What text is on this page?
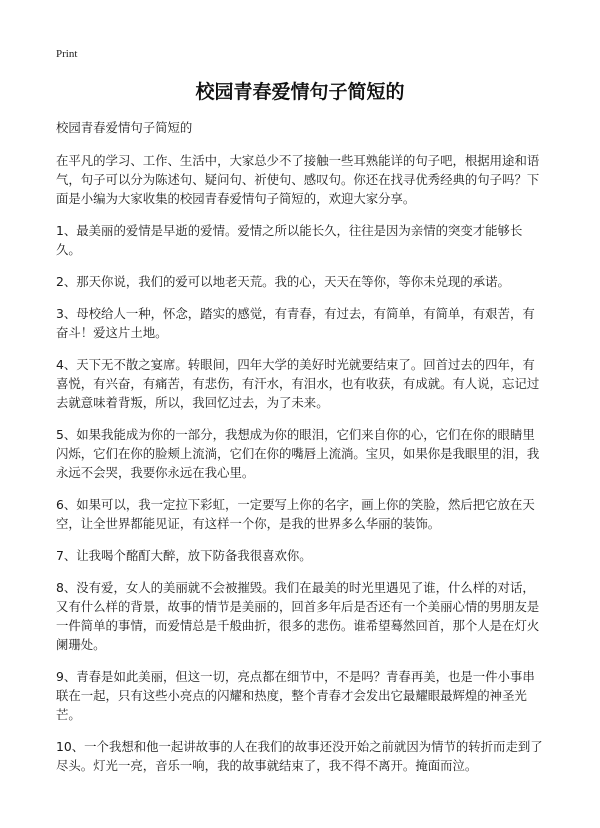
Print
校园青春爱情句子简短的

校园青春爱情句子简短的

在平凡的学习、工作、生活中，大家总少不了接触一些耳熟能详的句子吧，根据用途和语气，句子可以分为陈述句、疑问句、祈使句、感叹句。你还在找寻优秀经典的句子吗？下面是小编为大家收集的校园青春爱情句子简短的，欢迎大家分享。

1、最美丽的爱情是早逝的爱情。爱情之所以能长久，往往是因为亲情的突变才能够长久。

2、那天你说，我们的爱可以地老天荒。我的心，天天在等你，等你未兑现的承诺。

3、母校给人一种，怀念，踏实的感觉，有青春，有过去，有简单，有简单，有艰苦，有奋斗！爱这片土地。

4、天下无不散之宴席。转眼间，四年大学的美好时光就要结束了。回首过去的四年，有喜悦，有兴奋，有痛苦，有悲伤，有汗水，有泪水，也有收获，有成就。有人说，忘记过去就意味着背叛，所以，我回忆过去，为了未来。

5、如果我能成为你的一部分，我想成为你的眼泪，它们来自你的心，它们在你的眼睛里闪烁，它们在你的脸颊上流淌，它们在你的嘴唇上流淌。宝贝，如果你是我眼里的泪，我永远不会哭，我要你永远在我心里。

6、如果可以，我一定拉下彩虹，一定要写上你的名字，画上你的笑脸，然后把它放在天空，让全世界都能见证，有这样一个你，是我的世界多么华丽的装饰。

7、让我喝个酩酊大醉，放下防备我很喜欢你。

8、没有爱，女人的美丽就不会被摧毁。我们在最美的时光里遇见了谁，什么样的对话，又有什么样的背景，故事的情节是美丽的，回首多年后是否还有一个美丽心情的男朋友是一件简单的事情，而爱情总是千般曲折，很多的悲伤。谁希望蓦然回首，那个人是在灯火阑珊处。

9、青春是如此美丽，但这一切，亮点都在细节中，不是吗？青春再美，也是一件小事串联在一起，只有这些小亮点的闪耀和热度，整个青春才会发出它最耀眼最辉煌的神圣光芒。

10、一个我想和他一起讲故事的人在我们的故事还没开始之前就因为情节的转折而走到了尽头。灯光一亮，音乐一响，我的故事就结束了，我不得不离开。掩面而泣。
